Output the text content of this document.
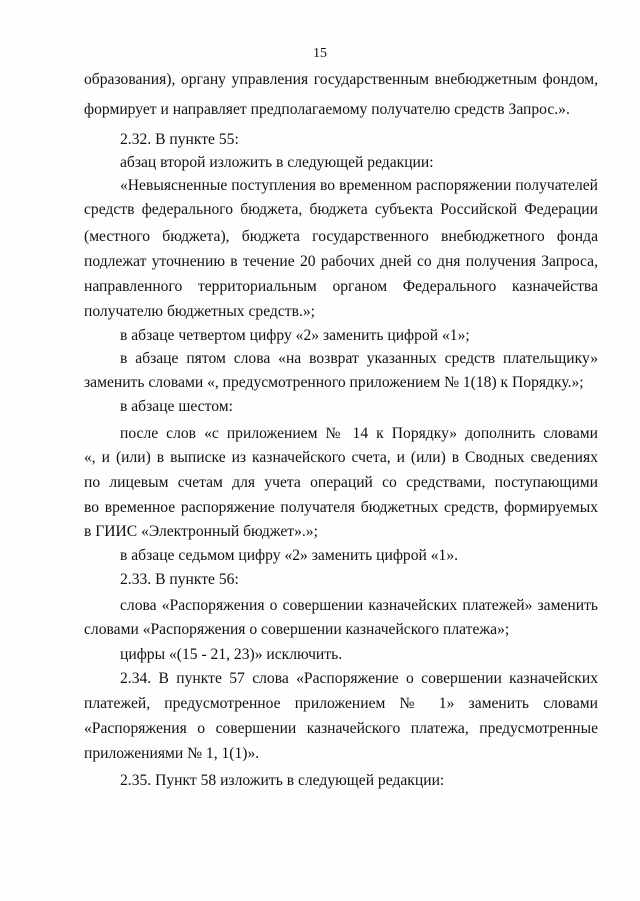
15
образования), органу управления государственным внебюджетным фондом,
формирует и направляет предполагаемому получателю средств Запрос.».
2.32. В пункте 55:
абзац второй изложить в следующей редакции:
«Невыясненные поступления во временном распоряжении получателей
средств федерального бюджета, бюджета субъекта Российской Федерации
(местного бюджета), бюджета государственного внебюджетного фонда
подлежат уточнению в течение 20 рабочих дней со дня получения Запроса,
направленного территориальным органом Федерального казначейства
получателю бюджетных средств.»;
в абзаце четвертом цифру «2» заменить цифрой «1»;
в абзаце пятом слова «на возврат указанных средств плательщику»
заменить словами «, предусмотренного приложением № 1(18) к Порядку.»;
в абзаце шестом:
после слов «с приложением № 14 к Порядку» дополнить словами
«, и (или) в выписке из казначейского счета, и (или) в Сводных сведениях
по лицевым счетам для учета операций со средствами, поступающими
во временное распоряжение получателя бюджетных средств, формируемых
в ГИИС «Электронный бюджет».»;
в абзаце седьмом цифру «2» заменить цифрой «1».
2.33. В пункте 56:
слова «Распоряжения о совершении казначейских платежей» заменить
словами «Распоряжения о совершении казначейского платежа»;
цифры «(15 - 21, 23)» исключить.
2.34. В пункте 57 слова «Распоряжение о совершении казначейских
платежей, предусмотренное приложением № 1» заменить словами
«Распоряжения о совершении казначейского платежа, предусмотренные
приложениями № 1, 1(1)».
2.35. Пункт 58 изложить в следующей редакции:
